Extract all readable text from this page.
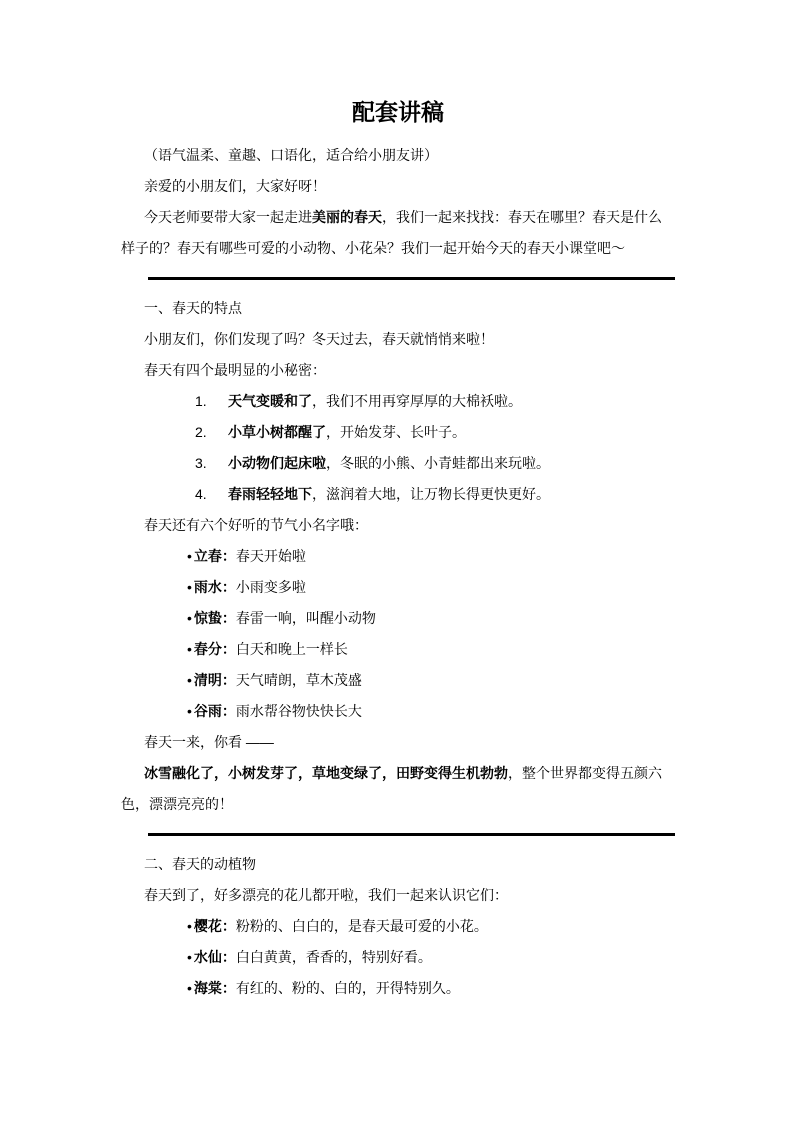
配套讲稿

（语气温柔、童趣、口语化，适合给小朋友讲）

亲爱的小朋友们，大家好呀！

今天老师要带大家一起走进美丽的春天，我们一起来找找：春天在哪里？春天是什么样子的？春天有哪些可爱的小动物、小花朵？我们一起开始今天的春天小课堂吧～

一、春天的特点

小朋友们，你们发现了吗？冬天过去，春天就悄悄来啦！

春天有四个最明显的小秘密：

1.	天气变暖和了，我们不用再穿厚厚的大棉袄啦。
2.	小草小树都醒了，开始发芽、长叶子。
3.	小动物们起床啦，冬眠的小熊、小青蛙都出来玩啦。
4.	春雨轻轻地下，滋润着大地，让万物长得更快更好。

春天还有六个好听的节气小名字哦：

• 立春：春天开始啦

• 雨水：小雨变多啦

• 惊蛰：春雷一响，叫醒小动物

• 春分：白天和晚上一样长

• 清明：天气晴朗，草木茂盛

• 谷雨：雨水帮谷物快快长大

春天一来，你看 ——

冰雪融化了，小树发芽了，草地变绿了，田野变得生机勃勃，整个世界都变得五颜六色，漂漂亮亮的！

二、春天的动植物

春天到了，好多漂亮的花儿都开啦，我们一起来认识它们：

• 樱花：粉粉的、白白的，是春天最可爱的小花。

• 水仙：白白黄黄，香香的，特别好看。

• 海棠：有红的、粉的、白的，开得特别久。
